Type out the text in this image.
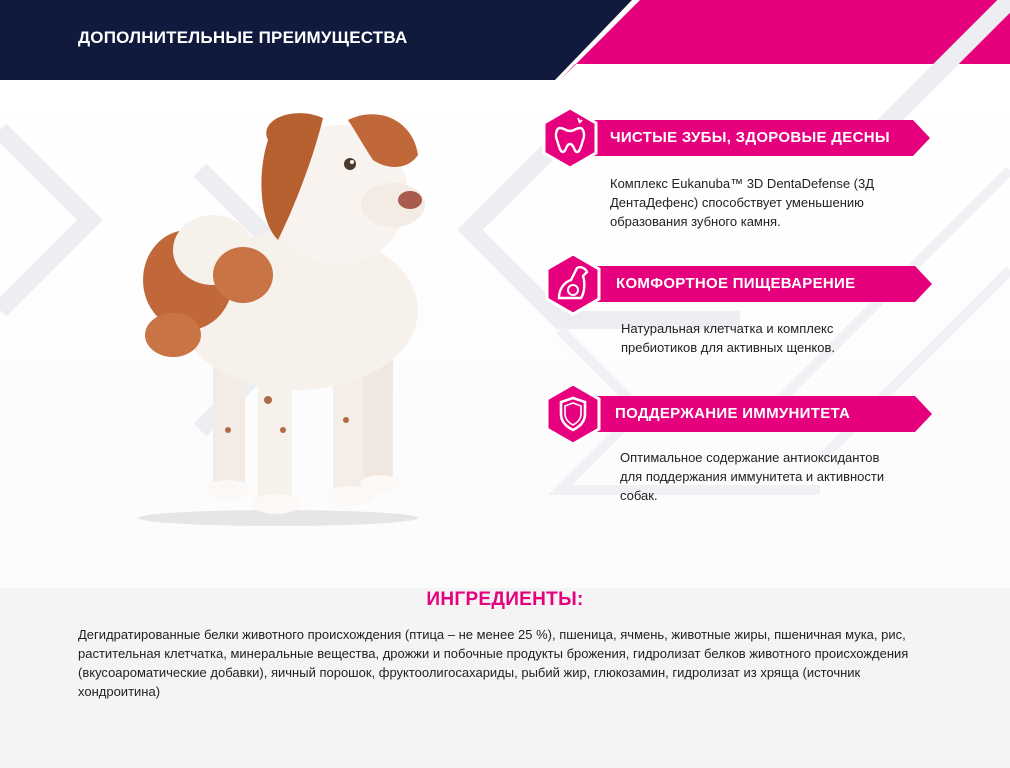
ДОПОЛНИТЕЛЬНЫЕ ПРЕИМУЩЕСТВА
ЧИСТЫЕ ЗУБЫ, ЗДОРОВЫЕ ДЕСНЫ

Комплекс Eukanuba™ 3D DentaDefense (3Д ДентаДефенс) способствует уменьшению образования зубного камня.

КОМФОРТНОЕ ПИЩЕВАРЕНИЕ

Натуральная клетчатка и комплекс пребиотиков для активных щенков.

ПОДДЕРЖАНИЕ ИММУНИТЕТА

Оптимальное содержание антиоксидантов для поддержания иммунитета и активности собак.

ИНГРЕДИЕНТЫ:

Дегидратированные белки животного происхождения (птица – не менее 25 %), пшеница, ячмень, животные жиры, пшеничная мука, рис, растительная клетчатка, минеральные вещества, дрожжи и побочные продукты брожения, гидролизат белков животного происхождения (вкусоароматические добавки), яичный порошок, фруктоолигосахариды, рыбий жир, глюкозамин, гидролизат из хряща (источник хондроитина)
